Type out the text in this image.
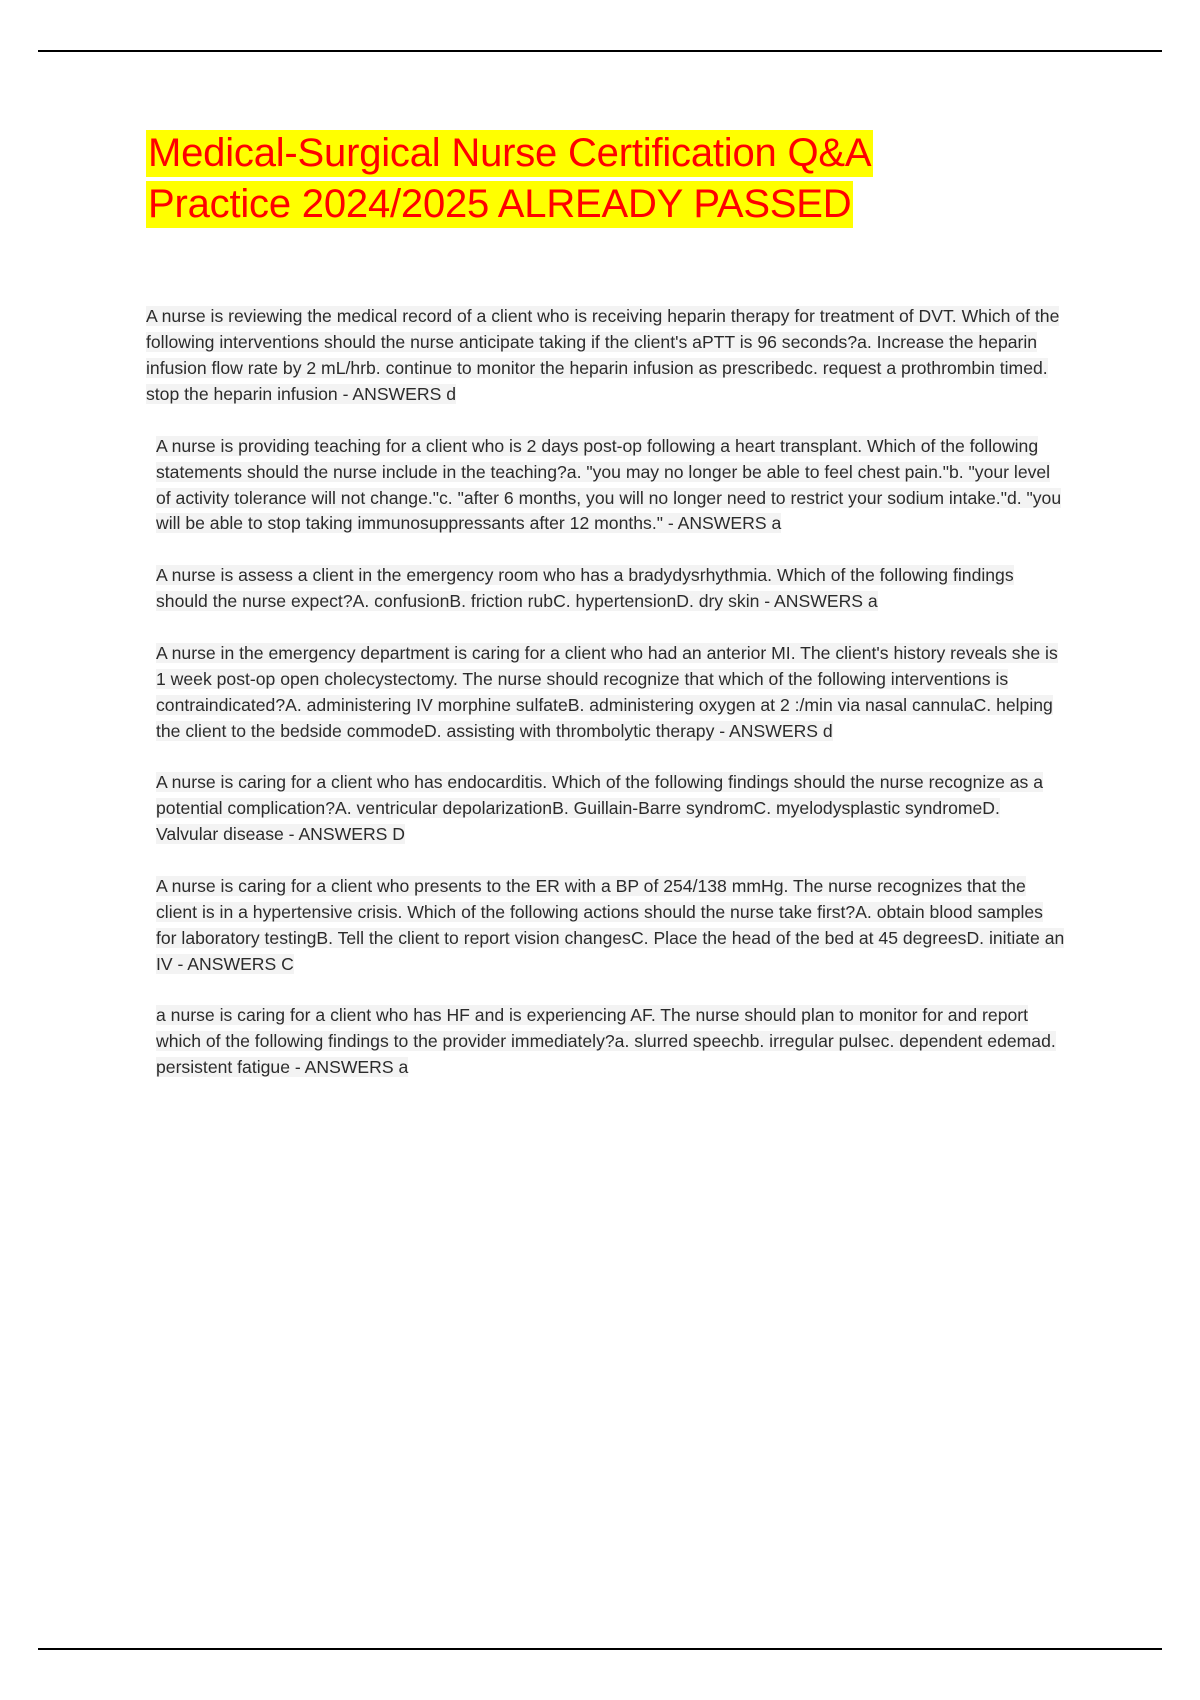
Medical-Surgical Nurse Certification Q&A
Practice 2024/2025 ALREADY PASSED
A nurse is reviewing the medical record of a client who is receiving heparin therapy for treatment of DVT. Which of the following interventions should the nurse anticipate taking if the client's aPTT is 96 seconds?a. Increase the heparin infusion flow rate by 2 mL/hrb. continue to monitor the heparin infusion as prescribedc. request a prothrombin timed. stop the heparin infusion - ANSWERS d
A nurse is providing teaching for a client who is 2 days post-op following a heart transplant. Which of the following statements should the nurse include in the teaching?a. "you may no longer be able to feel chest pain."b. "your level of activity tolerance will not change."c. "after 6 months, you will no longer need to restrict your sodium intake."d. "you will be able to stop taking immunosuppressants after 12 months." - ANSWERS a
A nurse is assess a client in the emergency room who has a bradydysrhythmia. Which of the following findings should the nurse expect?A. confusionB. friction rubC. hypertensionD. dry skin - ANSWERS a
A nurse in the emergency department is caring for a client who had an anterior MI. The client's history reveals she is 1 week post-op open cholecystectomy. The nurse should recognize that which of the following interventions is contraindicated?A. administering IV morphine sulfateB. administering oxygen at 2 :/min via nasal cannulaC. helping the client to the bedside commodeD. assisting with thrombolytic therapy - ANSWERS d
A nurse is caring for a client who has endocarditis. Which of the following findings should the nurse recognize as a potential complication?A. ventricular depolarizationB. Guillain-Barre syndromC. myelodysplastic syndromeD. Valvular disease - ANSWERS D
A nurse is caring for a client who presents to the ER with a BP of 254/138 mmHg. The nurse recognizes that the client is in a hypertensive crisis. Which of the following actions should the nurse take first?A. obtain blood samples for laboratory testingB. Tell the client to report vision changesC. Place the head of the bed at 45 degreesD. initiate an IV - ANSWERS C
a nurse is caring for a client who has HF and is experiencing AF. The nurse should plan to monitor for and report which of the following findings to the provider immediately?a. slurred speechb. irregular pulsec. dependent edemad. persistent fatigue - ANSWERS a
